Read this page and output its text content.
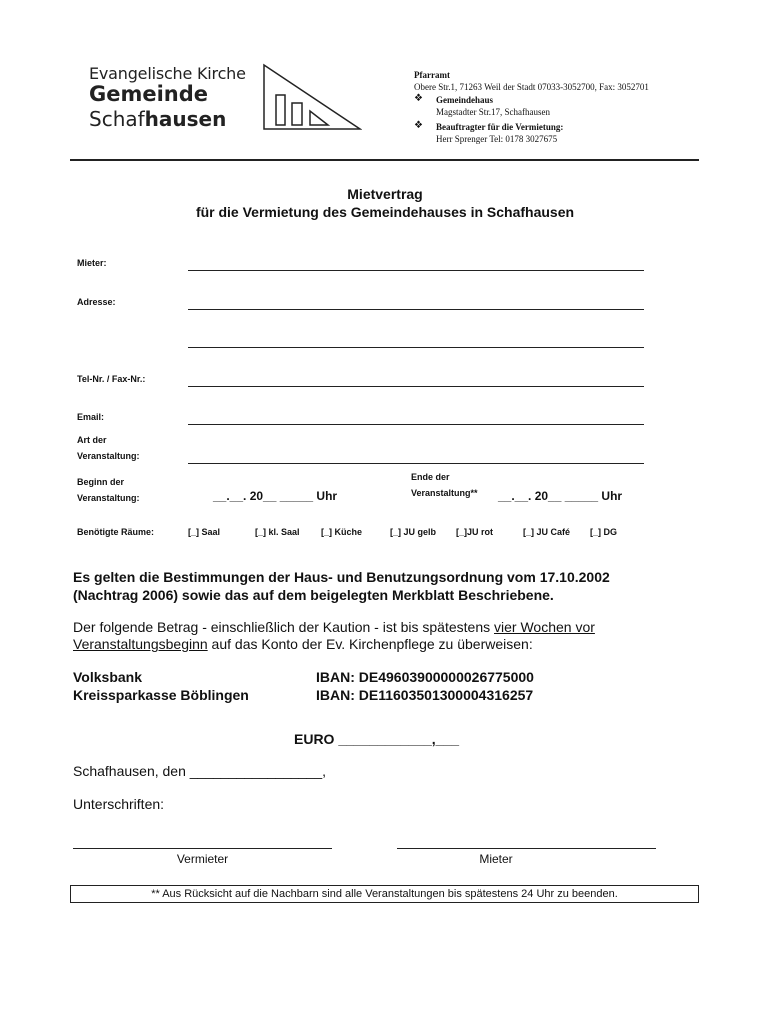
Evangelische Kirche
Gemeinde
Schafhausen
Pfarramt
Obere Str.1, 71263 Weil der Stadt 07033-3052700, Fax: 3052701
❖ Gemeindehaus
Magstadter Str.17, Schafhausen
❖ Beauftragter für die Vermietung:
Herr Sprenger Tel: 0178 3027675
Mietvertrag
für die Vermietung des Gemeindehauses in Schafhausen
Mieter:
Adresse:
Tel-Nr. / Fax-Nr.:
Email:
Art der
Veranstaltung:
Beginn der
Veranstaltung:	__.__. 20__ _____ Uhr
Ende der
Veranstaltung** __.__. 20__ _____ Uhr
Benötigte Räume:	[_] Saal	[_] kl. Saal [_] Küche	[_] JU gelb [_]JU rot	[_] JU Café [_] DG
Es gelten die Bestimmungen der Haus- und Benutzungsordnung vom 17.10.2002
(Nachtrag 2006) sowie das auf dem beigelegten Merkblatt Beschriebene.
Der folgende Betrag - einschließlich der Kaution - ist bis spätestens vier Wochen vor
Veranstaltungsbeginn auf das Konto der Ev. Kirchenpflege zu überweisen:
Volksbank	IBAN: DE49603900000026775000
Kreissparkasse Böblingen	IBAN: DE11603501300004316257
EURO ____________,___
Schafhausen, den _________________,
Unterschriften:
Vermieter	Mieter
** Aus Rücksicht auf die Nachbarn sind alle Veranstaltungen bis spätestens 24 Uhr zu beenden.
